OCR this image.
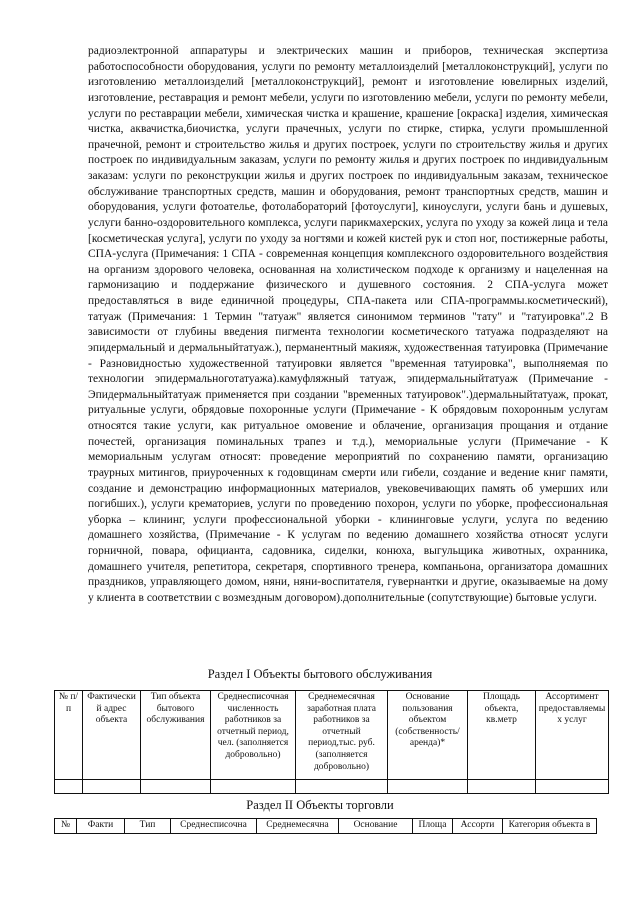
радиоэлектронной аппаратуры и электрических машин и приборов, техническая экспертиза работоспособности оборудования, услуги по ремонту металлоизделий [металлоконструкций], услуги по изготовлению металлоизделий [металлоконструкций], ремонт и изготовление ювелирных изделий, изготовление, реставрация и ремонт мебели, услуги по изготовлению мебели, услуги по ремонту мебели, услуги по реставрации мебели, химическая чистка и крашение, крашение [окраска] изделия, химическая чистка, аквачистка,биочистка, услуги прачечных, услуги по стирке, стирка, услуги промышленной прачечной, ремонт и строительство жилья и других построек, услуги по строительству жилья и других построек по индивидуальным заказам, услуги по ремонту жилья и других построек по индивидуальным заказам: услуги по реконструкции жилья и других построек по индивидуальным заказам, техническое обслуживание транспортных средств, машин и оборудования, ремонт транспортных средств, машин и оборудования, услуги фотоателье, фотолабораторий [фотоуслуги], киноуслуги, услуги бань и душевых, услуги банно-оздоровительного комплекса, услуги парикмахерских, услуга по уходу за кожей лица и тела [косметическая услуга], услуги по уходу за ногтями и кожей кистей рук и стоп ног, постижерные работы, СПА-услуга (Примечания: 1 СПА - современная концепция комплексного оздоровительного воздействия на организм здорового человека, основанная на холистическом подходе к организму и нацеленная на гармонизацию и поддержание физического и душевного состояния. 2 СПА-услуга может предоставляться в виде единичной процедуры, СПА-пакета или СПА-программы.косметический), татуаж (Примечания: 1 Термин "татуаж" является синонимом терминов "тату" и "татуировка".2 В зависимости от глубины введения пигмента технологии косметического татуажа подразделяют на эпидермальный и дермальныйтатуаж.), перманентный макияж, художественная татуировка (Примечание - Разновидностью художественной татуировки является "временная татуировка", выполняемая по технологии эпидермальноготатуажа).камуфляжный татуаж, эпидермальныйтатуаж (Примечание - Эпидермальныйтатуаж применяется при создании "временных татуировок".)дермальныйтатуаж, прокат, ритуальные услуги, обрядовые похоронные услуги (Примечание - К обрядовым похоронным услугам относятся такие услуги, как ритуальное омовение и облачение, организация прощания и отдание почестей, организация поминальных трапез и т.д.), мемориальные услуги (Примечание - К мемориальным услугам относят: проведение мероприятий по сохранению памяти, организацию траурных митингов, приуроченных к годовщинам смерти или гибели, создание и ведение книг памяти, создание и демонстрацию информационных материалов, увековечивающих память об умерших или погибших.), услуги крематориев, услуги по проведению похорон, услуги по уборке, профессиональная уборка – клининг, услуги профессиональной уборки - клининговые услуги, услуга по ведению домашнего хозяйства, (Примечание - К услугам по ведению домашнего хозяйства относят услуги горничной, повара, официанта, садовника, сиделки, конюха, выгульщика животных, охранника, домашнего учителя, репетитора, секретаря, спортивного тренера, компаньона, организатора домашних праздников, управляющего домом, няни, няни-воспитателя, гувернантки и другие, оказываемые на дому у клиента в соответствии с возмездным договором).дополнительные (сопутствующие) бытовые услуги.
Раздел I Объекты бытового обслуживания
№ п/п	Фактический адрес объекта	Тип объекта бытового обслуживания	Среднесписочная численность работников за отчетный период, чел. (заполняется добровольно)	Среднемесячная заработная плата работников за отчетный период,тыс. руб. (заполняется добровольно)	Основание пользования объектом (собственность/аренда)*	Площадь объекта, кв.метр	Ассортимент предоставляемых услуг

Раздел II Объекты торговли
№	Факти	Тип	Среднесписочна	Среднемесячна	Основание	Площа	Ассорти	Категория объекта в
